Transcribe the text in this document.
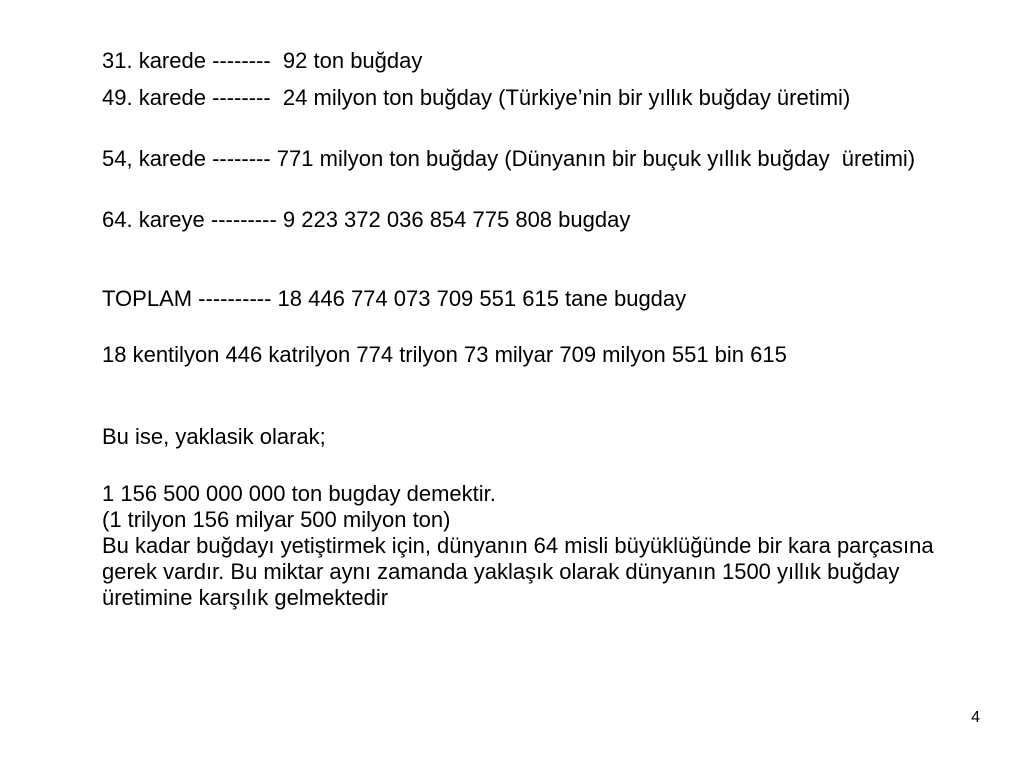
31. karede --------  92 ton buğday

49. karede --------  24 milyon ton buğday (Türkiye’nin bir yıllık buğday üretimi)

54, karede -------- 771 milyon ton buğday (Dünyanın bir buçuk yıllık buğday  üretimi)

64. kareye --------- 9 223 372 036 854 775 808 bugday

TOPLAM ---------- 18 446 774 073 709 551 615 tane bugday

18 kentilyon 446 katrilyon 774 trilyon 73 milyar 709 milyon 551 bin 615

Bu ise, yaklasik olarak;

1 156 500 000 000 ton bugday demektir.

(1 trilyon 156 milyar 500 milyon ton)

Bu kadar buğdayı yetiştirmek için, dünyanın 64 misli büyüklüğünde bir kara parçasına gerek vardır. Bu miktar aynı zamanda yaklaşık olarak dünyanın 1500 yıllık buğday üretimine karşılık gelmektedir

4
